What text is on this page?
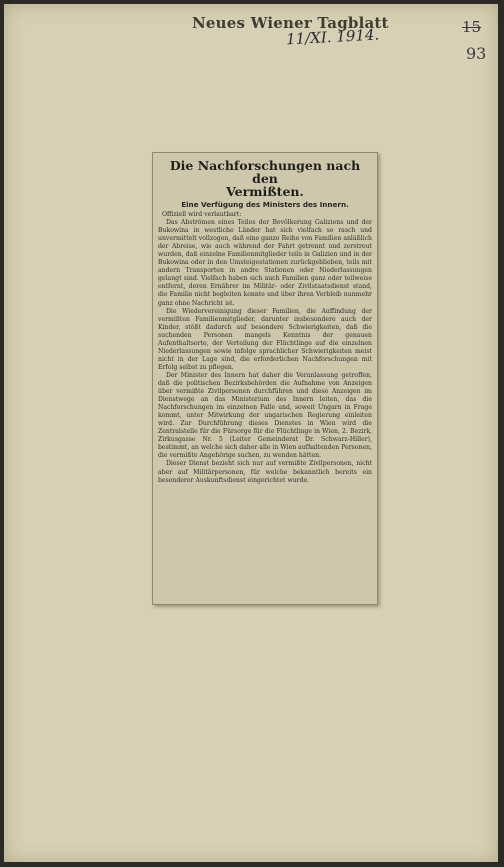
Neues Wiener Tagblatt
11/XI. 1914.	15
93
Die Nachforschungen nach den
Vermißten.
Eine Verfügung des Ministers des Innern.

Offiziell wird verlautbart:

Das Abströmen eines Teiles der Bevölkerung Galiziens und der Bukowina in westliche Länder hat sich vielfach so rasch und unvermittelt vollzogen, daß eine ganze Reihe von Familien anläßlich der Abreise, wie auch während der Fahrt getrennt und zerstreut wurden, daß einzelne Familienmitglieder teils in Galizien und in der Bukowina oder in den Umsteigestationen zurückgeblieben, teils mit andern Transporten in andre Stationen oder Niederlassungen gelangt sind. Vielfach haben sich auch Familien ganz oder teilweise entfernt, deren Ernährer im Militär- oder Zivilstaatsdienst stand, die Familie nicht begleiten konnte und über ihren Verbleib nunmehr ganz ohne Nachricht ist.

Die Wiedervereinigung dieser Familien, die Auffindung der vermißten Familienmitglieder, darunter insbesondere auch der Kinder, stößt dadurch auf besondere Schwierigkeiten, daß die suchenden Personen mangels Kenntnis der genauen Aufenthaltsorte, der Verteilung der Flüchtlinge auf die einzelnen Niederlassungen sowie infolge sprachlicher Schwierigkeiten meist nicht in der Lage sind, die erforderlichen Nachforschungen mit Erfolg selbst zu pflegen.

Der Minister des Innern hat daher die Veranlassung getroffen, daß die politischen Bezirksbehörden die Aufnahme von Anzeigen über vermißte Zivilpersonen durchführen und diese Anzeigen im Dienstwege an das Ministerium des Innern leiten, das die Nachforschungen im einzelnen Falle und, soweit Ungarn in Frage kommt, unter Mitwirkung der ungarischen Regierung einleiten wird. Zur Durchführung dieses Dienstes in Wien wird die Zentralstelle für die Fürsorge für die Flüchtlinge in Wien, 2. Bezirk, Zirkusgasse Nr. 5 (Leiter Gemeinderat Dr. Schwarz-Hiller), bestimmt, an welche sich daher alle in Wien aufhaltenden Personen, die vermißte Angehörige suchen, zu wenden hätten.

Dieser Dienst bezieht sich nur auf vermißte Zivilpersonen, nicht aber auf Militärpersonen, für welche bekanntlich bereits ein besonderer Auskunftsdienst eingerichtet wurde.
